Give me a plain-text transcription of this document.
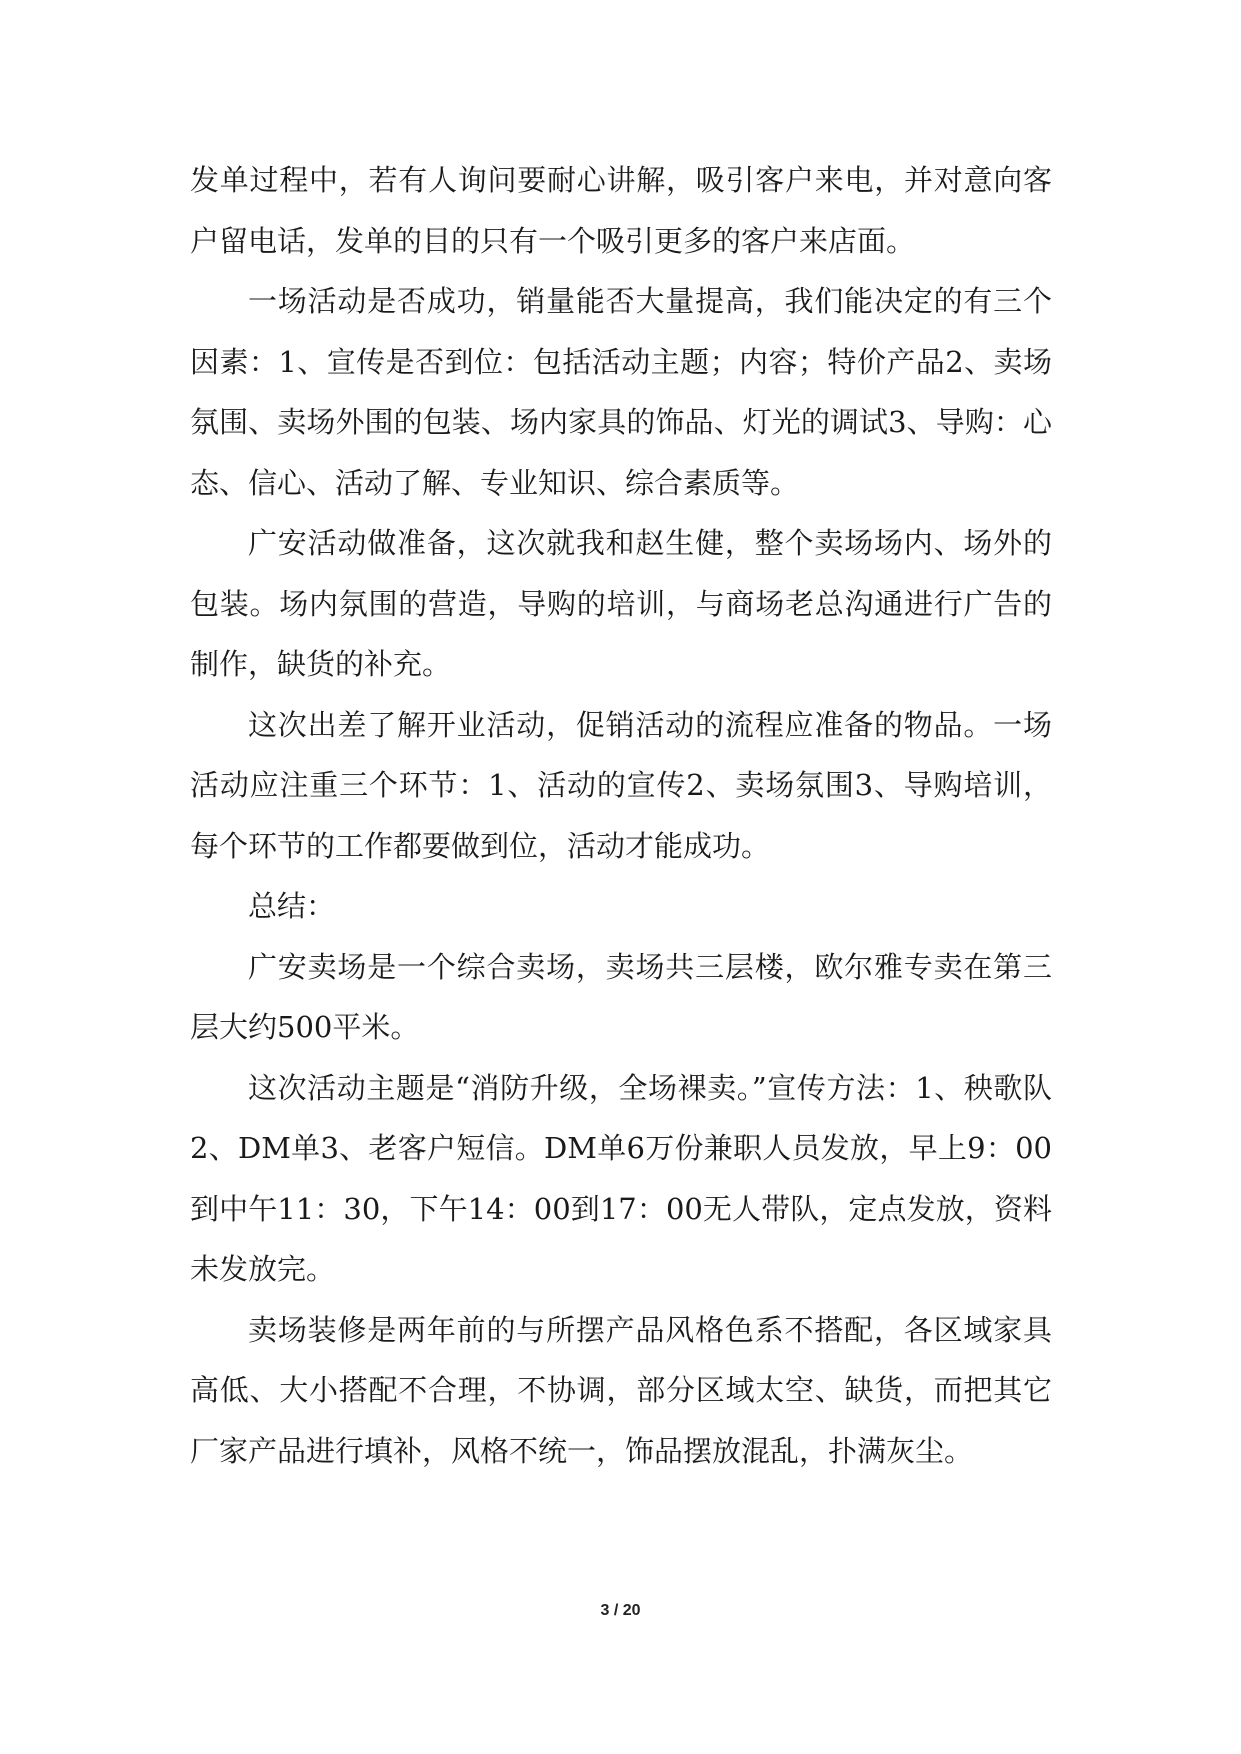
发单过程中，若有人询问要耐心讲解，吸引客户来电，并对意向客户留电话，发单的目的只有一个吸引更多的客户来店面。

一场活动是否成功，销量能否大量提高，我们能决定的有三个因素：1、宣传是否到位：包括活动主题；内容；特价产品2、卖场氛围、卖场外围的包装、场内家具的饰品、灯光的调试3、导购：心态、信心、活动了解、专业知识、综合素质等。

广安活动做准备，这次就我和赵生健，整个卖场场内、场外的包装。场内氛围的营造，导购的培训，与商场老总沟通进行广告的制作，缺货的补充。

这次出差了解开业活动，促销活动的流程应准备的物品。一场活动应注重三个环节：1、活动的宣传2、卖场氛围3、导购培训，每个环节的工作都要做到位，活动才能成功。

总结：

广安卖场是一个综合卖场，卖场共三层楼，欧尔雅专卖在第三层大约500平米。

这次活动主题是“消防升级，全场裸卖。”宣传方法：1、秧歌队2、DM单3、老客户短信。DM单6万份兼职人员发放，早上9：00到中午11：30，下午14：00到17：00无人带队，定点发放，资料未发放完。

卖场装修是两年前的与所摆产品风格色系不搭配，各区域家具高低、大小搭配不合理，不协调，部分区域太空、缺货，而把其它厂家产品进行填补，风格不统一，饰品摆放混乱，扑满灰尘。

3 / 20
